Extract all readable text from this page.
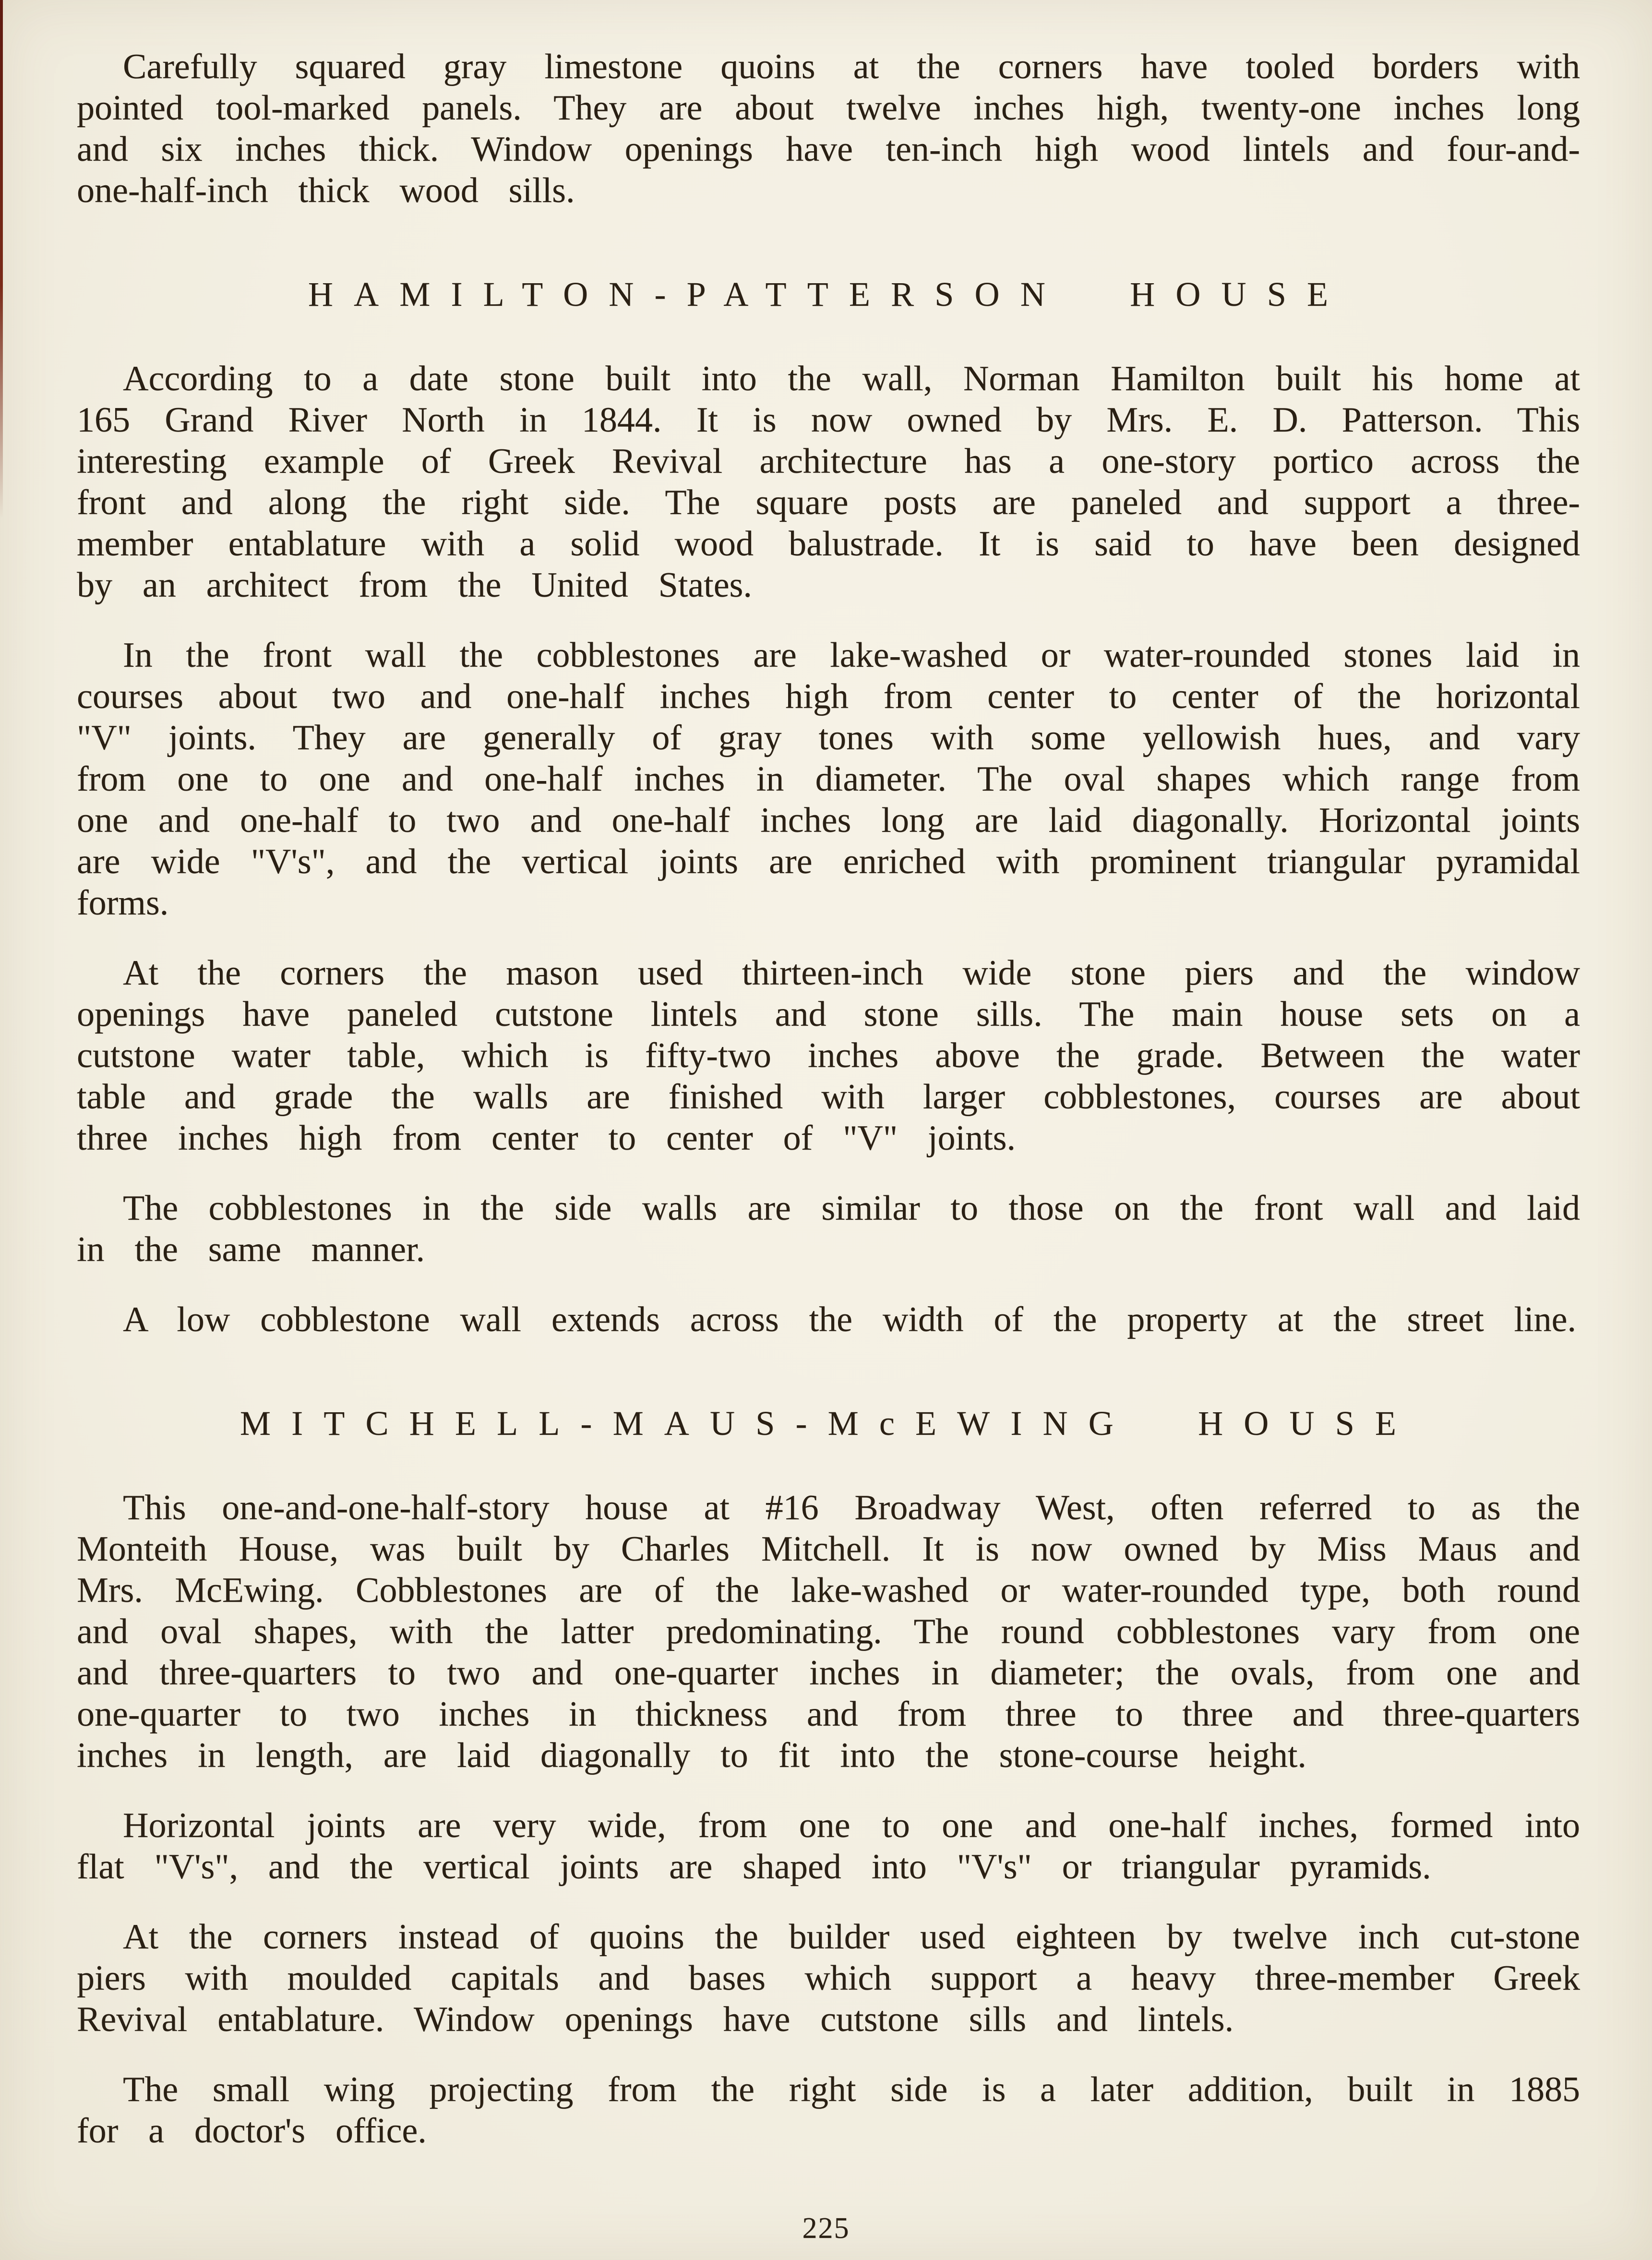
Carefully squared gray limestone quoins at the corners have tooled borders with pointed tool-marked panels. They are about twelve inches high, twenty-one inches long and six inches thick. Window openings have ten-inch high wood lintels and four-and-one-half-inch thick wood sills.
HAMILTON-PATTERSON HOUSE
According to a date stone built into the wall, Norman Hamilton built his home at 165 Grand River North in 1844. It is now owned by Mrs. E. D. Patterson. This interesting example of Greek Revival architecture has a one-story portico across the front and along the right side. The square posts are paneled and support a three-member entablature with a solid wood balustrade. It is said to have been designed by an architect from the United States.
In the front wall the cobblestones are lake-washed or water-rounded stones laid in courses about two and one-half inches high from center to center of the horizontal "V" joints. They are generally of gray tones with some yellowish hues, and vary from one to one and one-half inches in diameter. The oval shapes which range from one and one-half to two and one-half inches long are laid diagonally. Horizontal joints are wide "V's", and the vertical joints are enriched with prominent triangular pyramidal forms.
At the corners the mason used thirteen-inch wide stone piers and the window openings have paneled cutstone lintels and stone sills. The main house sets on a cutstone water table, which is fifty-two inches above the grade. Between the water table and grade the walls are finished with larger cobblestones, courses are about three inches high from center to center of "V" joints.
The cobblestones in the side walls are similar to those on the front wall and laid in the same manner.
A low cobblestone wall extends across the width of the property at the street line.
MITCHELL-MAUS-McEWING HOUSE
This one-and-one-half-story house at #16 Broadway West, often referred to as the Monteith House, was built by Charles Mitchell. It is now owned by Miss Maus and Mrs. McEwing. Cobblestones are of the lake-washed or water-rounded type, both round and oval shapes, with the latter predominating. The round cobblestones vary from one and three-quarters to two and one-quarter inches in diameter; the ovals, from one and one-quarter to two inches in thickness and from three to three and three-quarters inches in length, are laid diagonally to fit into the stone-course height.
Horizontal joints are very wide, from one to one and one-half inches, formed into flat "V's", and the vertical joints are shaped into "V's" or triangular pyramids.
At the corners instead of quoins the builder used eighteen by twelve inch cut-stone piers with moulded capitals and bases which support a heavy three-member Greek Revival entablature. Window openings have cutstone sills and lintels.
The small wing projecting from the right side is a later addition, built in 1885 for a doctor's office.
225
